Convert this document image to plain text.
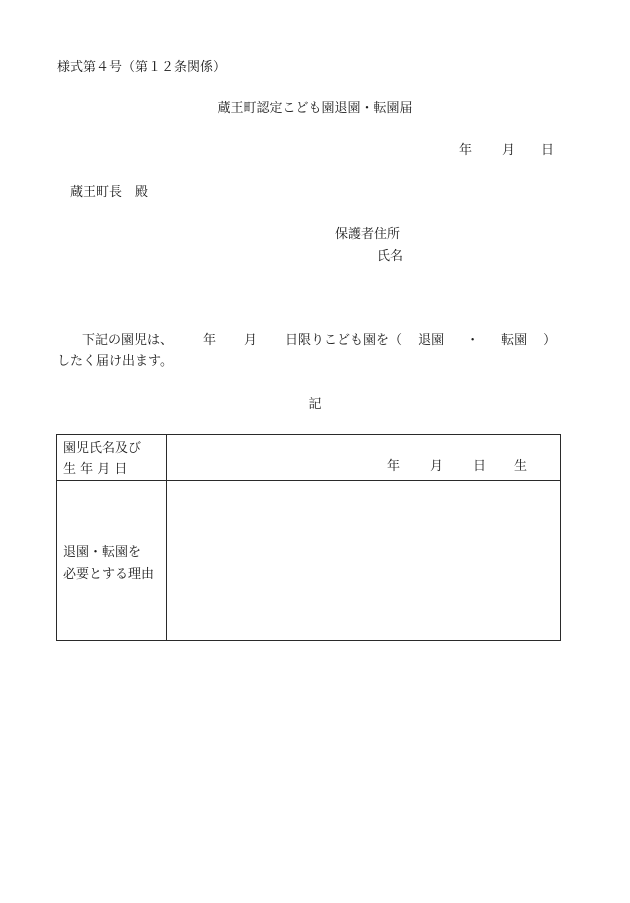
様式第４号（第１２条関係）
蔵王町認定こども園退園・転園届
年 月 日
蔵王町長　殿
保護者住所
氏名
下記の園児は、 年 月 日限りこども園を（ 退園 ・ 転園 ）
したく届け出ます。
記
園児氏名及び
生 年 月 日	年 月 日 生

退園・転園を
必要とする理由	
